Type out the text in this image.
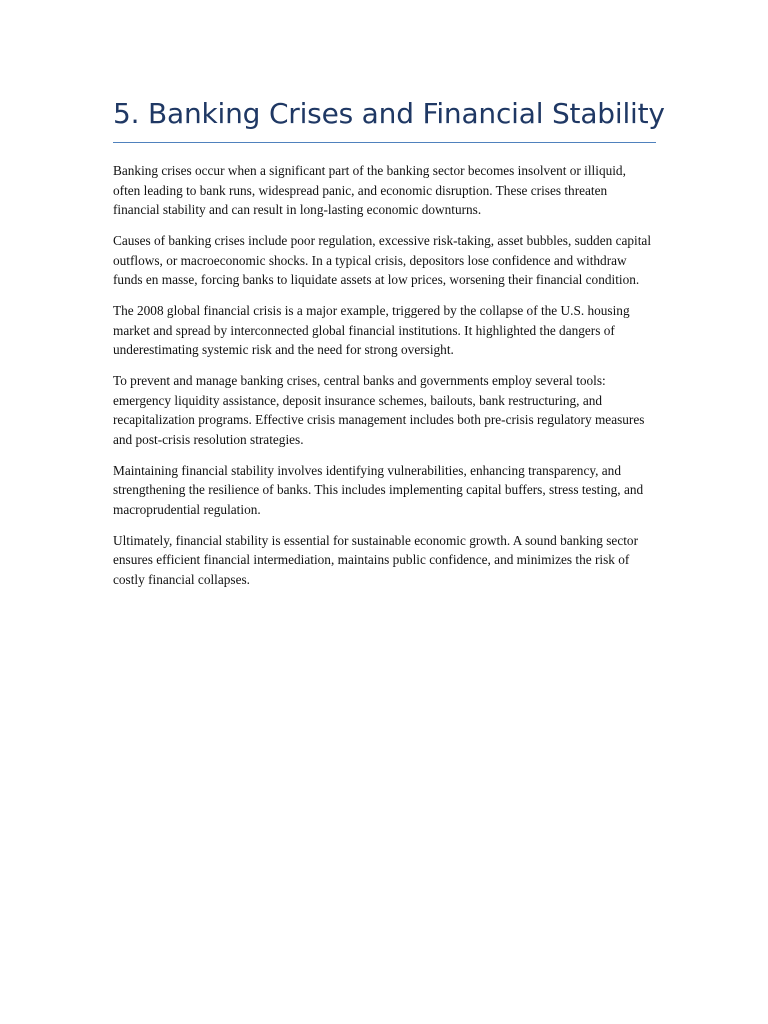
5. Banking Crises and Financial Stability

Banking crises occur when a significant part of the banking sector becomes insolvent or illiquid, often leading to bank runs, widespread panic, and economic disruption. These crises threaten financial stability and can result in long-lasting economic downturns.

Causes of banking crises include poor regulation, excessive risk-taking, asset bubbles, sudden capital outflows, or macroeconomic shocks. In a typical crisis, depositors lose confidence and withdraw funds en masse, forcing banks to liquidate assets at low prices, worsening their financial condition.

The 2008 global financial crisis is a major example, triggered by the collapse of the U.S. housing market and spread by interconnected global financial institutions. It highlighted the dangers of underestimating systemic risk and the need for strong oversight.

To prevent and manage banking crises, central banks and governments employ several tools: emergency liquidity assistance, deposit insurance schemes, bailouts, bank restructuring, and recapitalization programs. Effective crisis management includes both pre-crisis regulatory measures and post-crisis resolution strategies.

Maintaining financial stability involves identifying vulnerabilities, enhancing transparency, and strengthening the resilience of banks. This includes implementing capital buffers, stress testing, and macroprudential regulation.

Ultimately, financial stability is essential for sustainable economic growth. A sound banking sector ensures efficient financial intermediation, maintains public confidence, and minimizes the risk of costly financial collapses.
